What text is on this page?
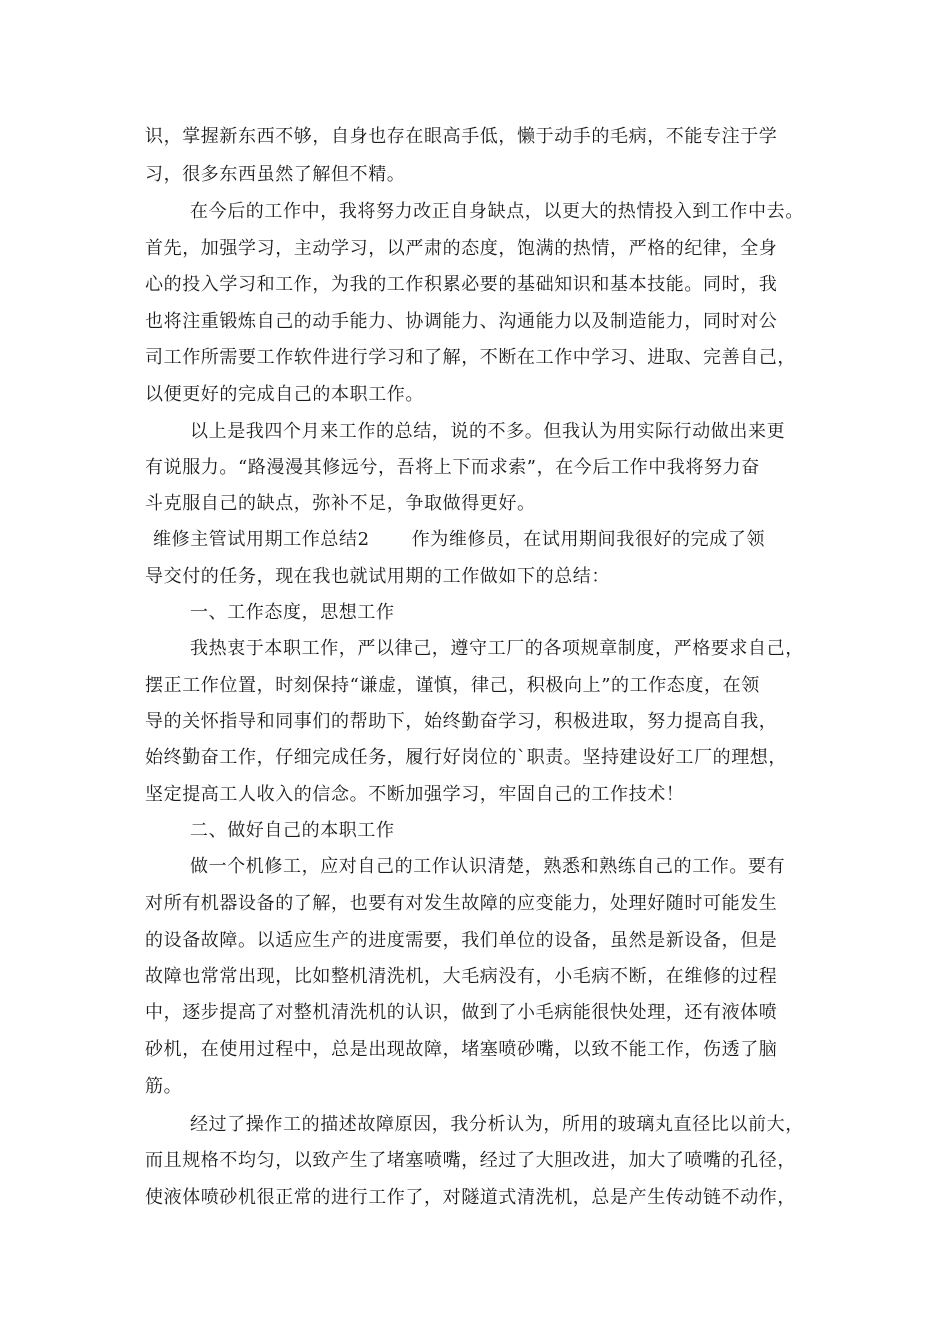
识，掌握新东西不够，自身也存在眼高手低，懒于动手的毛病，不能专注于学
习，很多东西虽然了解但不精。
在今后的工作中，我将努力改正自身缺点，以更大的热情投入到工作中去。
首先，加强学习，主动学习，以严肃的态度，饱满的热情，严格的纪律，全身
心的投入学习和工作，为我的工作积累必要的基础知识和基本技能。同时，我
也将注重锻炼自己的动手能力、协调能力、沟通能力以及制造能力，同时对公
司工作所需要工作软件进行学习和了解，不断在工作中学习、进取、完善自己，
以便更好的完成自己的本职工作。
以上是我四个月来工作的总结，说的不多。但我认为用实际行动做出来更
有说服力。“路漫漫其修远兮，吾将上下而求索”，在今后工作中我将努力奋
斗克服自己的缺点，弥补不足，争取做得更好。
维修主管试用期工作总结2 作为维修员，在试用期间我很好的完成了领
导交付的任务，现在我也就试用期的工作做如下的总结：
一、工作态度，思想工作
我热衷于本职工作，严以律己，遵守工厂的各项规章制度，严格要求自己，
摆正工作位置，时刻保持“谦虚，谨慎，律己，积极向上”的工作态度，在领
导的关怀指导和同事们的帮助下，始终勤奋学习，积极进取，努力提高自我，
始终勤奋工作，仔细完成任务，履行好岗位的`职责。坚持建设好工厂的理想，
坚定提高工人收入的信念。不断加强学习，牢固自己的工作技术！
二、做好自己的本职工作
做一个机修工，应对自己的工作认识清楚，熟悉和熟练自己的工作。要有
对所有机器设备的了解，也要有对发生故障的应变能力，处理好随时可能发生
的设备故障。以适应生产的进度需要，我们单位的设备，虽然是新设备，但是
故障也常常出现，比如整机清洗机，大毛病没有，小毛病不断，在维修的过程
中，逐步提高了对整机清洗机的认识，做到了小毛病能很快处理，还有液体喷
砂机，在使用过程中，总是出现故障，堵塞喷砂嘴，以致不能工作，伤透了脑
筋。
经过了操作工的描述故障原因，我分析认为，所用的玻璃丸直径比以前大，
而且规格不均匀，以致产生了堵塞喷嘴，经过了大胆改进，加大了喷嘴的孔径，
使液体喷砂机很正常的进行工作了，对隧道式清洗机，总是产生传动链不动作，
